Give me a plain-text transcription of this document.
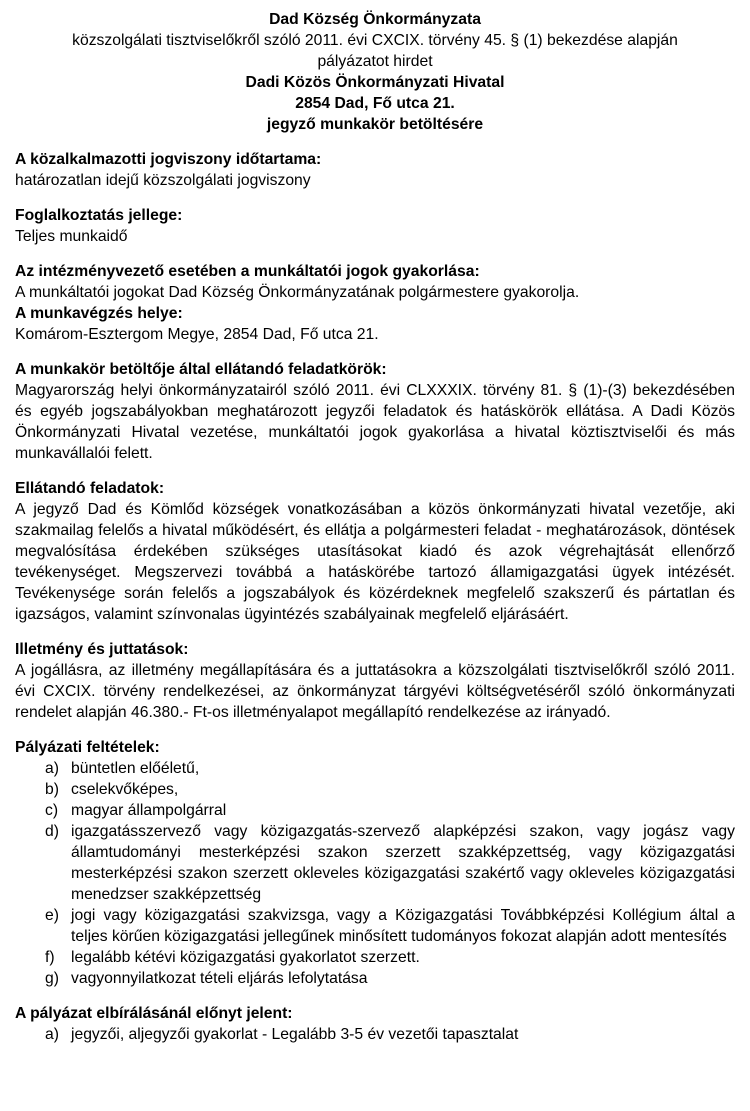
Dad Község Önkormányzata
közszolgálati tisztviselőkről szóló 2011. évi CXCIX. törvény 45. § (1) bekezdése alapján
pályázatot hirdet
Dadi Közös Önkormányzati Hivatal
2854 Dad, Fő utca 21.
jegyző munkakör betöltésére
A közalkalmazotti jogviszony időtartama:

határozatlan idejű közszolgálati jogviszony

Foglalkoztatás jellege:

Teljes munkaidő

Az intézményvezető esetében a munkáltatói jogok gyakorlása:

A munkáltatói jogokat Dad Község Önkormányzatának polgármestere gyakorolja.

A munkavégzés helye:

Komárom-Esztergom Megye, 2854 Dad, Fő utca 21.

A munkakör betöltője által ellátandó feladatkörök:

Magyarország helyi önkormányzatairól szóló 2011. évi CLXXXIX. törvény 81. § (1)-(3) bekezdésében és egyéb jogszabályokban meghatározott jegyzői feladatok és hatáskörök ellátása. A Dadi Közös Önkormányzati Hivatal vezetése, munkáltatói jogok gyakorlása a hivatal köztisztviselői és más munkavállalói felett.

Ellátandó feladatok:

A jegyző Dad és Kömlőd községek vonatkozásában a közös önkormányzati hivatal vezetője, aki szakmailag felelős a hivatal működésért, és ellátja a polgármesteri feladat - meghatározások, döntések megvalósítása érdekében szükséges utasításokat kiadó és azok végrehajtását ellenőrző tevékenységet. Megszervezi továbbá a hatáskörébe tartozó államigazgatási ügyek intézését. Tevékenysége során felelős a jogszabályok és közérdeknek megfelelő szakszerű és pártatlan és igazságos, valamint színvonalas ügyintézés szabályainak megfelelő eljárásáért.

Illetmény és juttatások:

A jogállásra, az illetmény megállapítására és a juttatásokra a közszolgálati tisztviselőkről szóló 2011. évi CXCIX. törvény rendelkezései, az önkormányzat tárgyévi költségvetéséről szóló önkormányzati rendelet alapján 46.380.- Ft-os illetményalapot megállapító rendelkezése az irányadó.

Pályázati feltételek:
a) büntetlen előéletű,
b) cselekvőképes,
c) magyar állampolgárral
d) igazgatásszervező vagy közigazgatás-szervező alapképzési szakon, vagy jogász vagy államtudományi mesterképzési szakon szerzett szakképzettség, vagy közigazgatási mesterképzési szakon szerzett okleveles közigazgatási szakértő vagy okleveles közigazgatási menedzser szakképzettség
e) jogi vagy közigazgatási szakvizsga, vagy a Közigazgatási Továbbképzési Kollégium által a teljes körűen közigazgatási jellegűnek minősített tudományos fokozat alapján adott mentesítés
f)	legalább kétévi közigazgatási gyakorlatot szerzett.
g) vagyonnyilatkozat tételi eljárás lefolytatása
A pályázat elbírálásánál előnyt jelent:
a) jegyzői, aljegyzői gyakorlat - Legalább 3-5 év vezetői tapasztalat
